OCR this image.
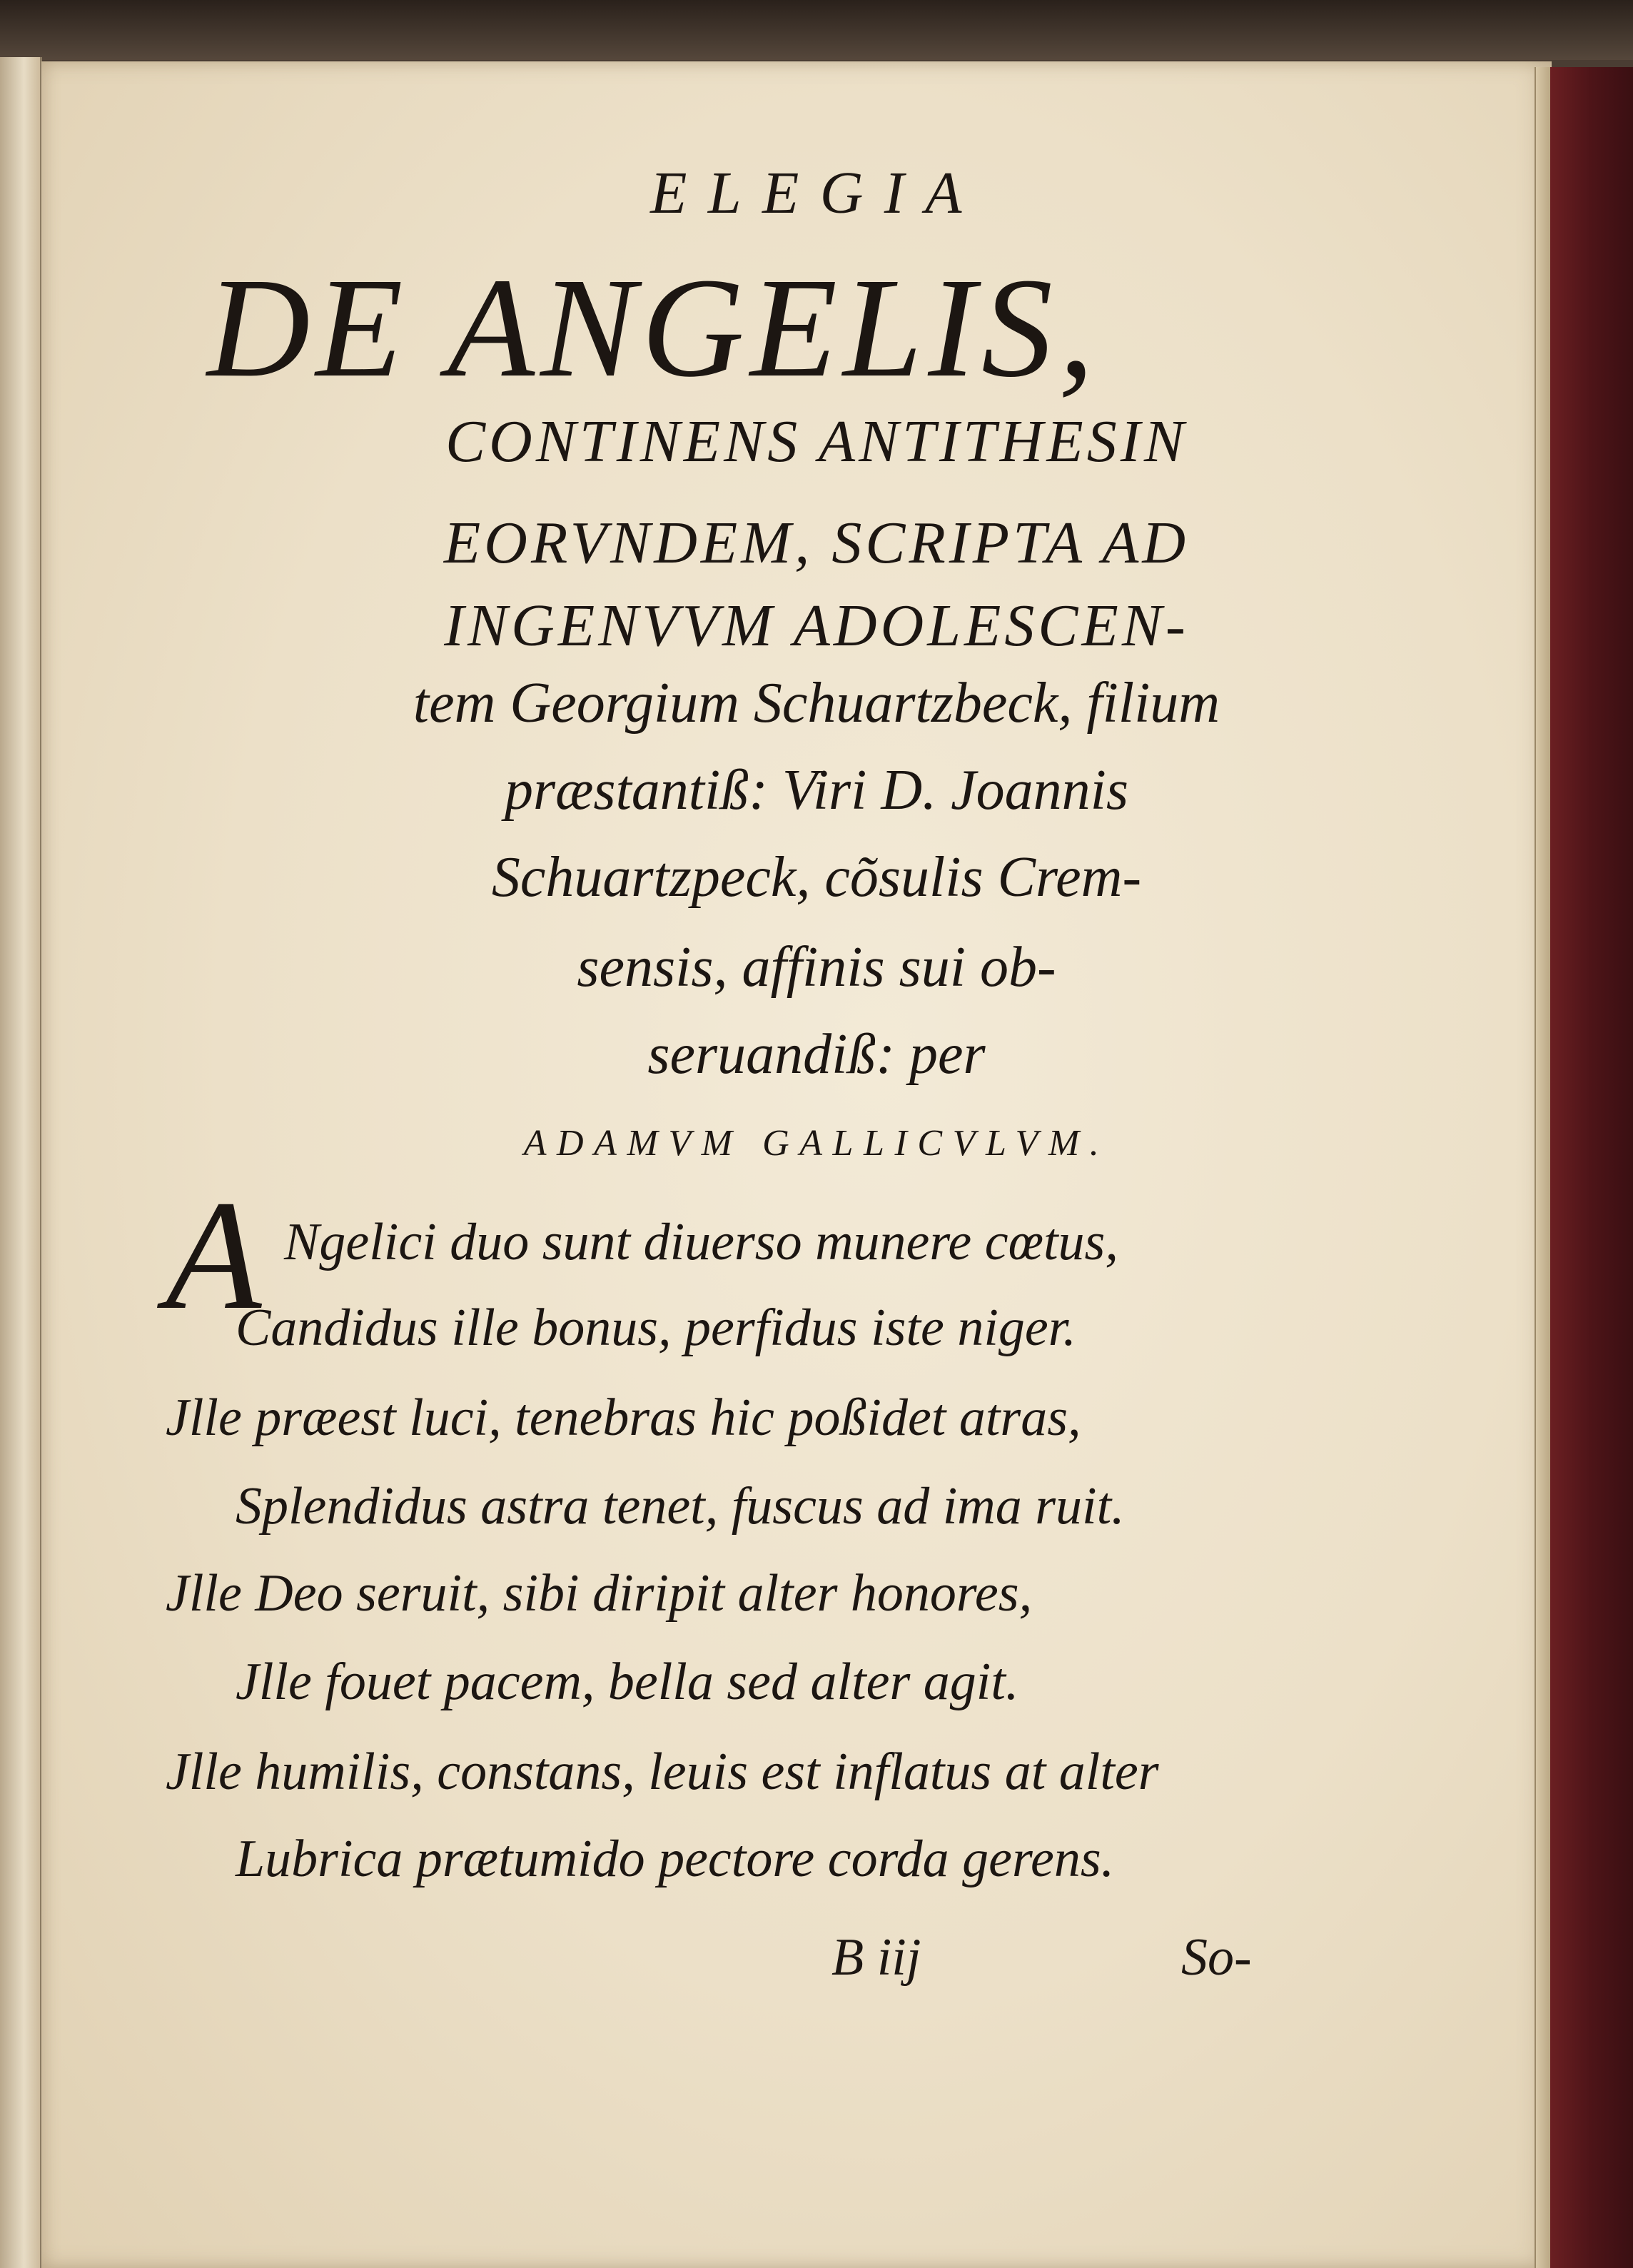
ELEGIA

DE ANGELIS,

CONTINENS ANTITHESIN

EORVNDEM, SCRIPTA AD

INGENVVM ADOLESCEN-

tem Georgium Schuartzbeck, filium

præstantiß: Viri D. Joannis

Schuartzpeck, cõsulis Crem-

sensis, affinis sui ob-

seruandiß: per

ADAMVM GALLICVLVM.

A Ngelici duo sunt diuerso munere cœtus,

Candidus ille bonus, perfidus iste niger.

Jlle præest luci, tenebras hic poßidet atras,

Splendidus astra tenet, fuscus ad ima ruit.

Jlle Deo seruit, sibi diripit alter honores,

Jlle fouet pacem, bella sed alter agit.

Jlle humilis, constans, leuis est inflatus at alter

Lubrica prætumido pectore corda gerens.

B iij	So-
